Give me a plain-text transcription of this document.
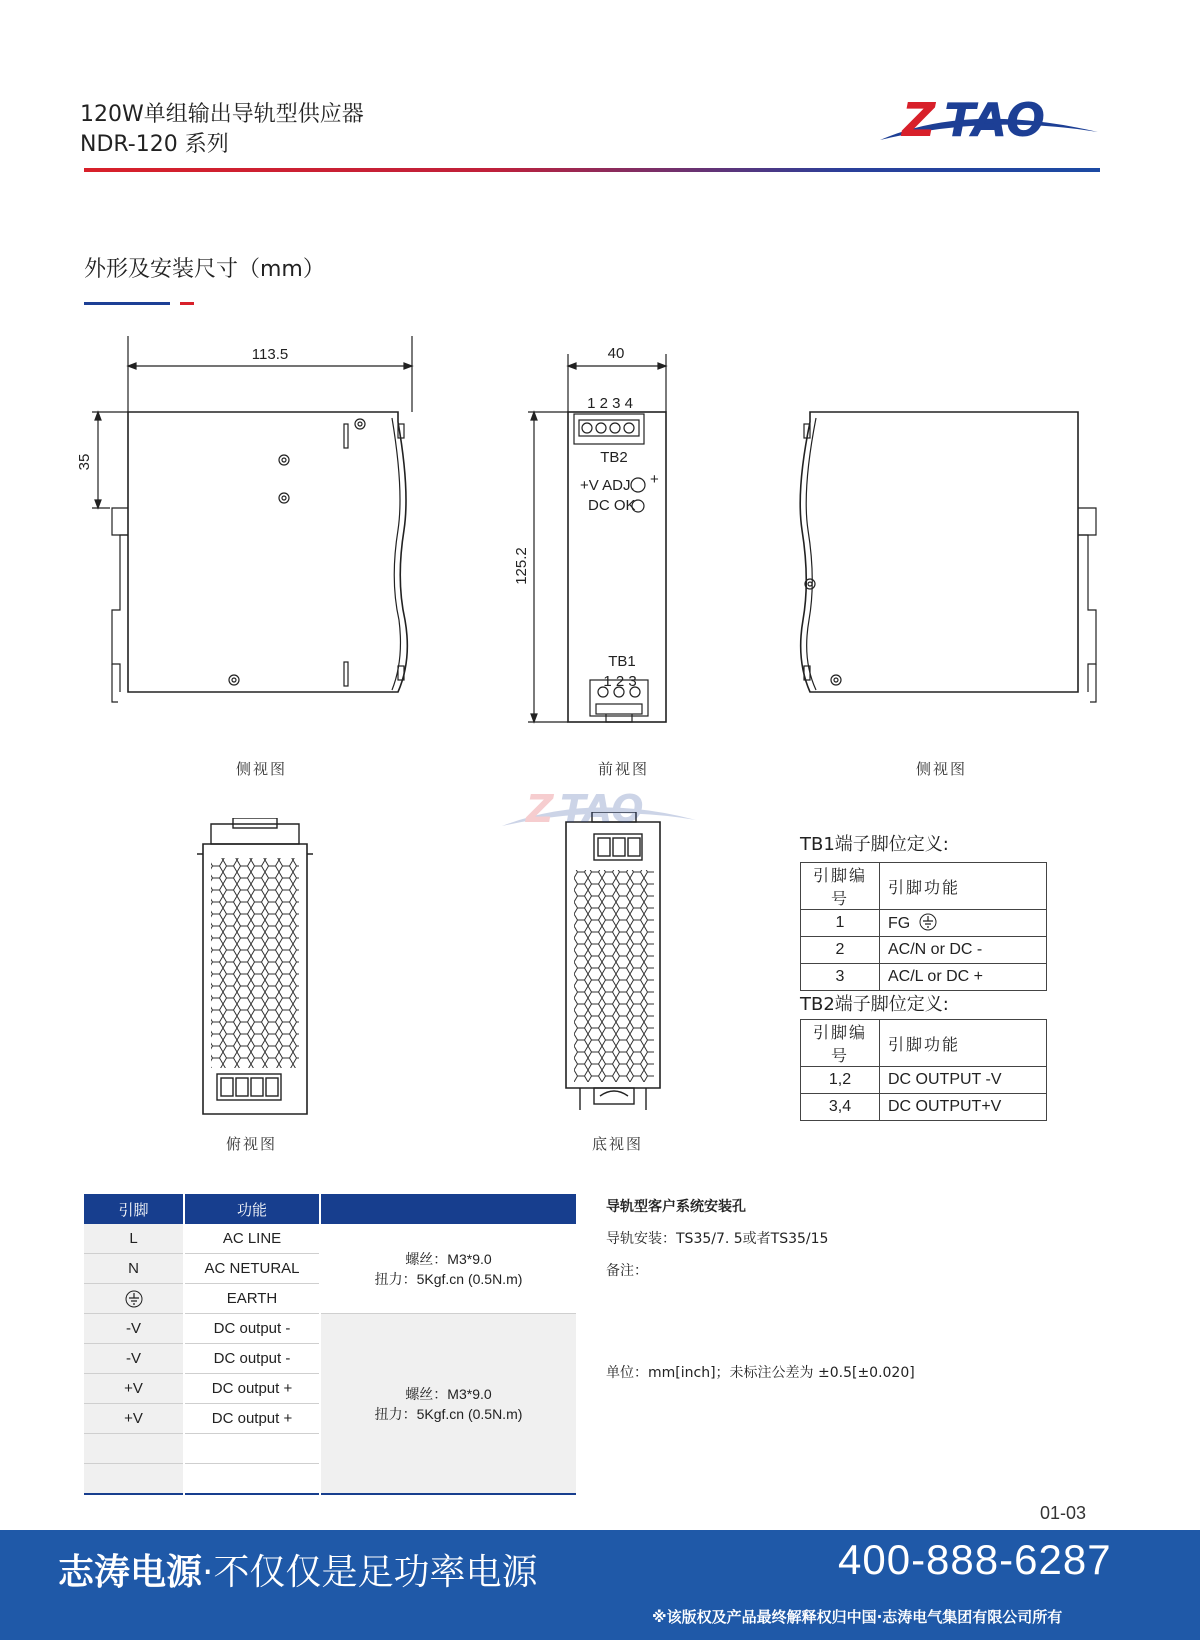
120W单组输出导轨型供应器
NDR-120 系列	Z TAO
外形及安装尺寸（mm）
113.5
35
40
125.2
1 2 3 4
TB2
+V ADJ. +
DC OK
TB1
1 2 3
侧视图	前视图	侧视图
Z TAO
俯视图	底视图
TB1端子脚位定义:
引脚编号	引脚功能
1	FG
2	AC/N or DC -
3	AC/L or DC +
TB2端子脚位定义:
引脚编号	引脚功能
1,2	DC OUTPUT -V
3,4	DC OUTPUT+V
引脚	功能	
L	AC LINE	螺丝：M3*9.0
扭力：5Kgf.cn (0.5N.m)

N	AC NETURAL	
	EARTH	
-V	DC output -	螺丝：M3*9.0
扭力：5Kgf.cn (0.5N.m)

-V	DC output -	
+V	DC output +	
+V	DC output +	

导轨型客户系统安装孔
导轨安装：TS35/7. 5或者TS35/15
备注：
单位：mm[inch]；未标注公差为 ±0.5[±0.020]
01-03
志涛电源·不仅仅是足功率电源	400-888-6287
※该版权及产品最终解释权归中国·志涛电气集团有限公司所有
